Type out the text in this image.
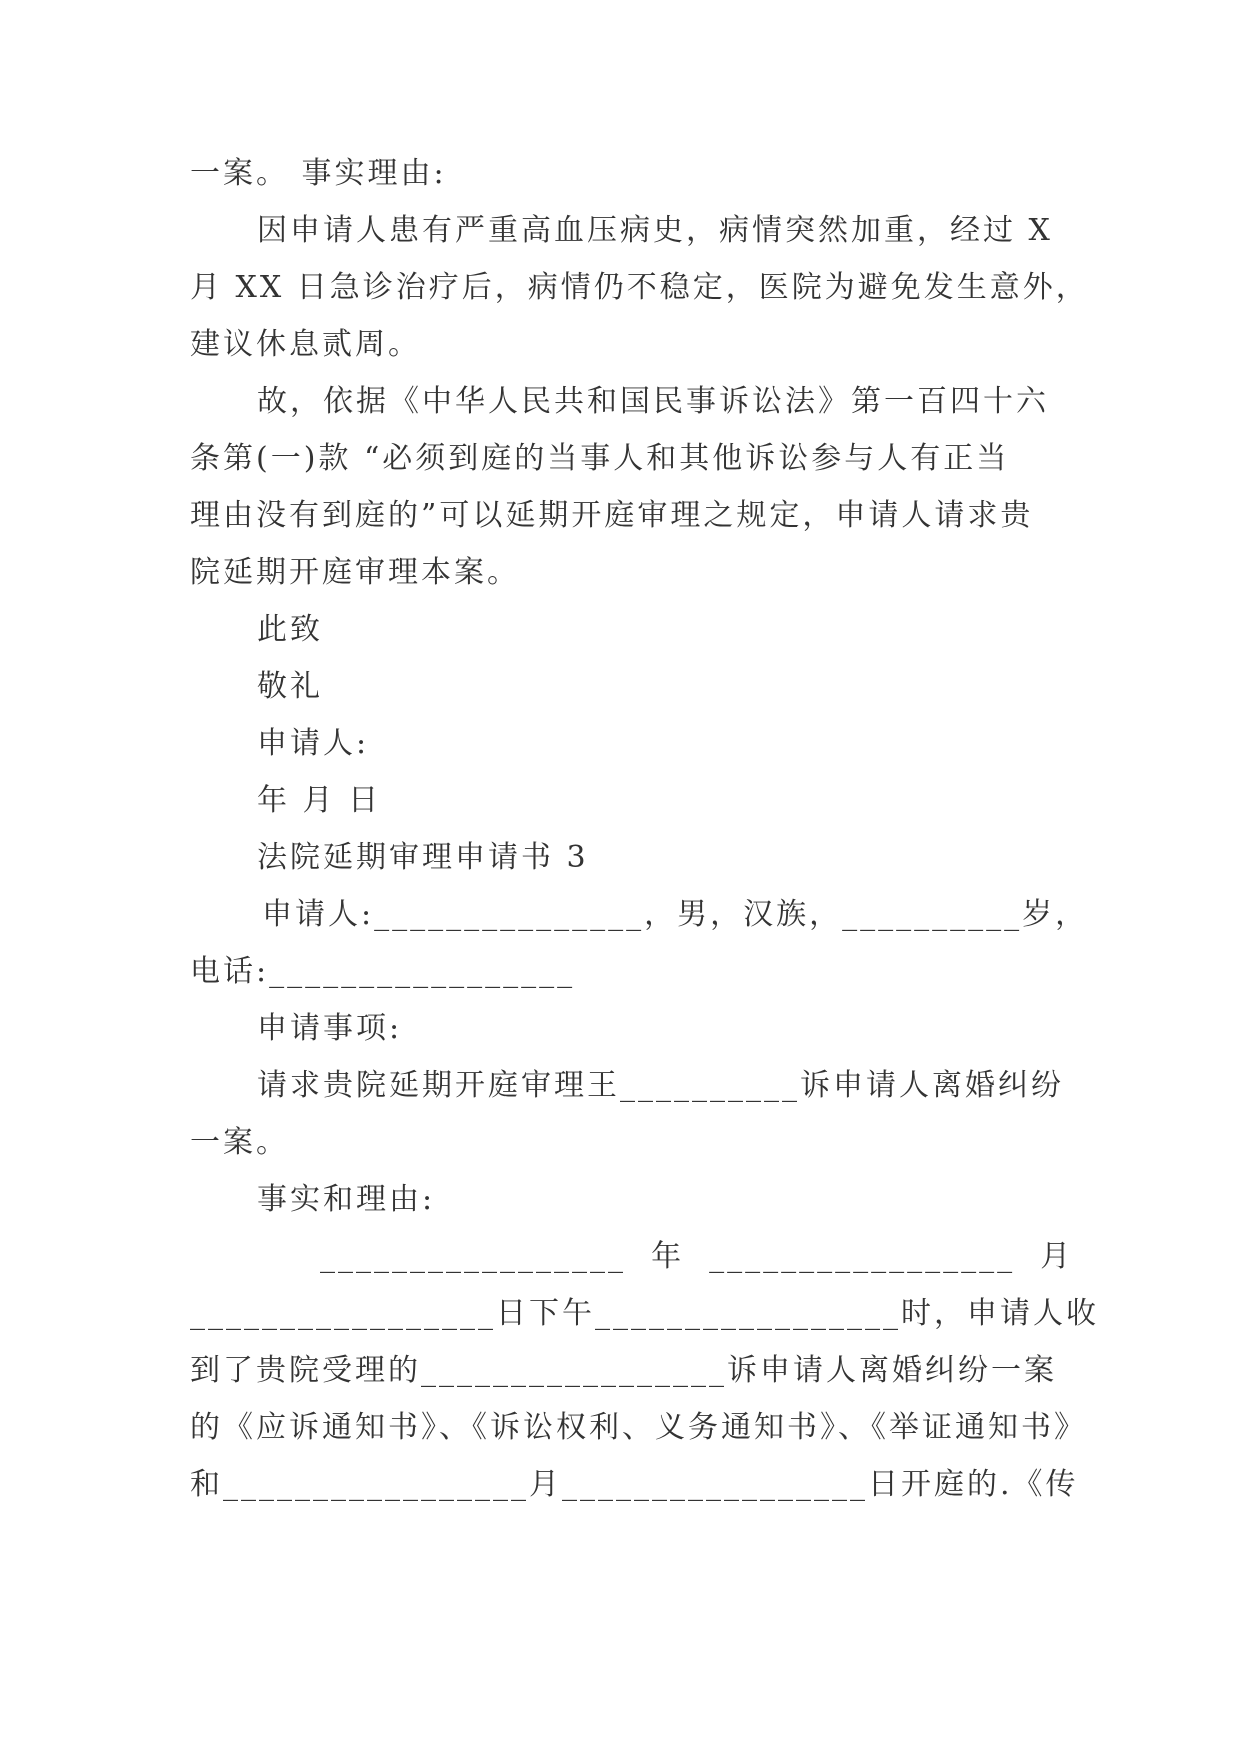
一案。 事实理由:
因申请人患有严重高血压病史，病情突然加重，经过 X
月 XX 日急诊治疗后，病情仍不稳定，医院为避免发生意外，
建议休息贰周。
故，依据《中华人民共和国民事诉讼法》第一百四十六
条第(一)款 “必须到庭的当事人和其他诉讼参与人有正当
理由没有到庭的”可以延期开庭审理之规定，申请人请求贵
院延期开庭审理本案。
此致
敬礼
申请人:
年 月 日
法院延期审理申请书 3
申请人:_______________，男，汉族，__________岁，
电话:_________________
申请事项:
请求贵院延期开庭审理王__________诉申请人离婚纠纷
一案。
事实和理由:
_________________  年  _________________  月
_________________日下午_________________时，申请人收
到了贵院受理的_________________诉申请人离婚纠纷一案
的《应诉通知书》、《诉讼权利、义务通知书》、《举证通知书》
和_________________月_________________日开庭的.《传
